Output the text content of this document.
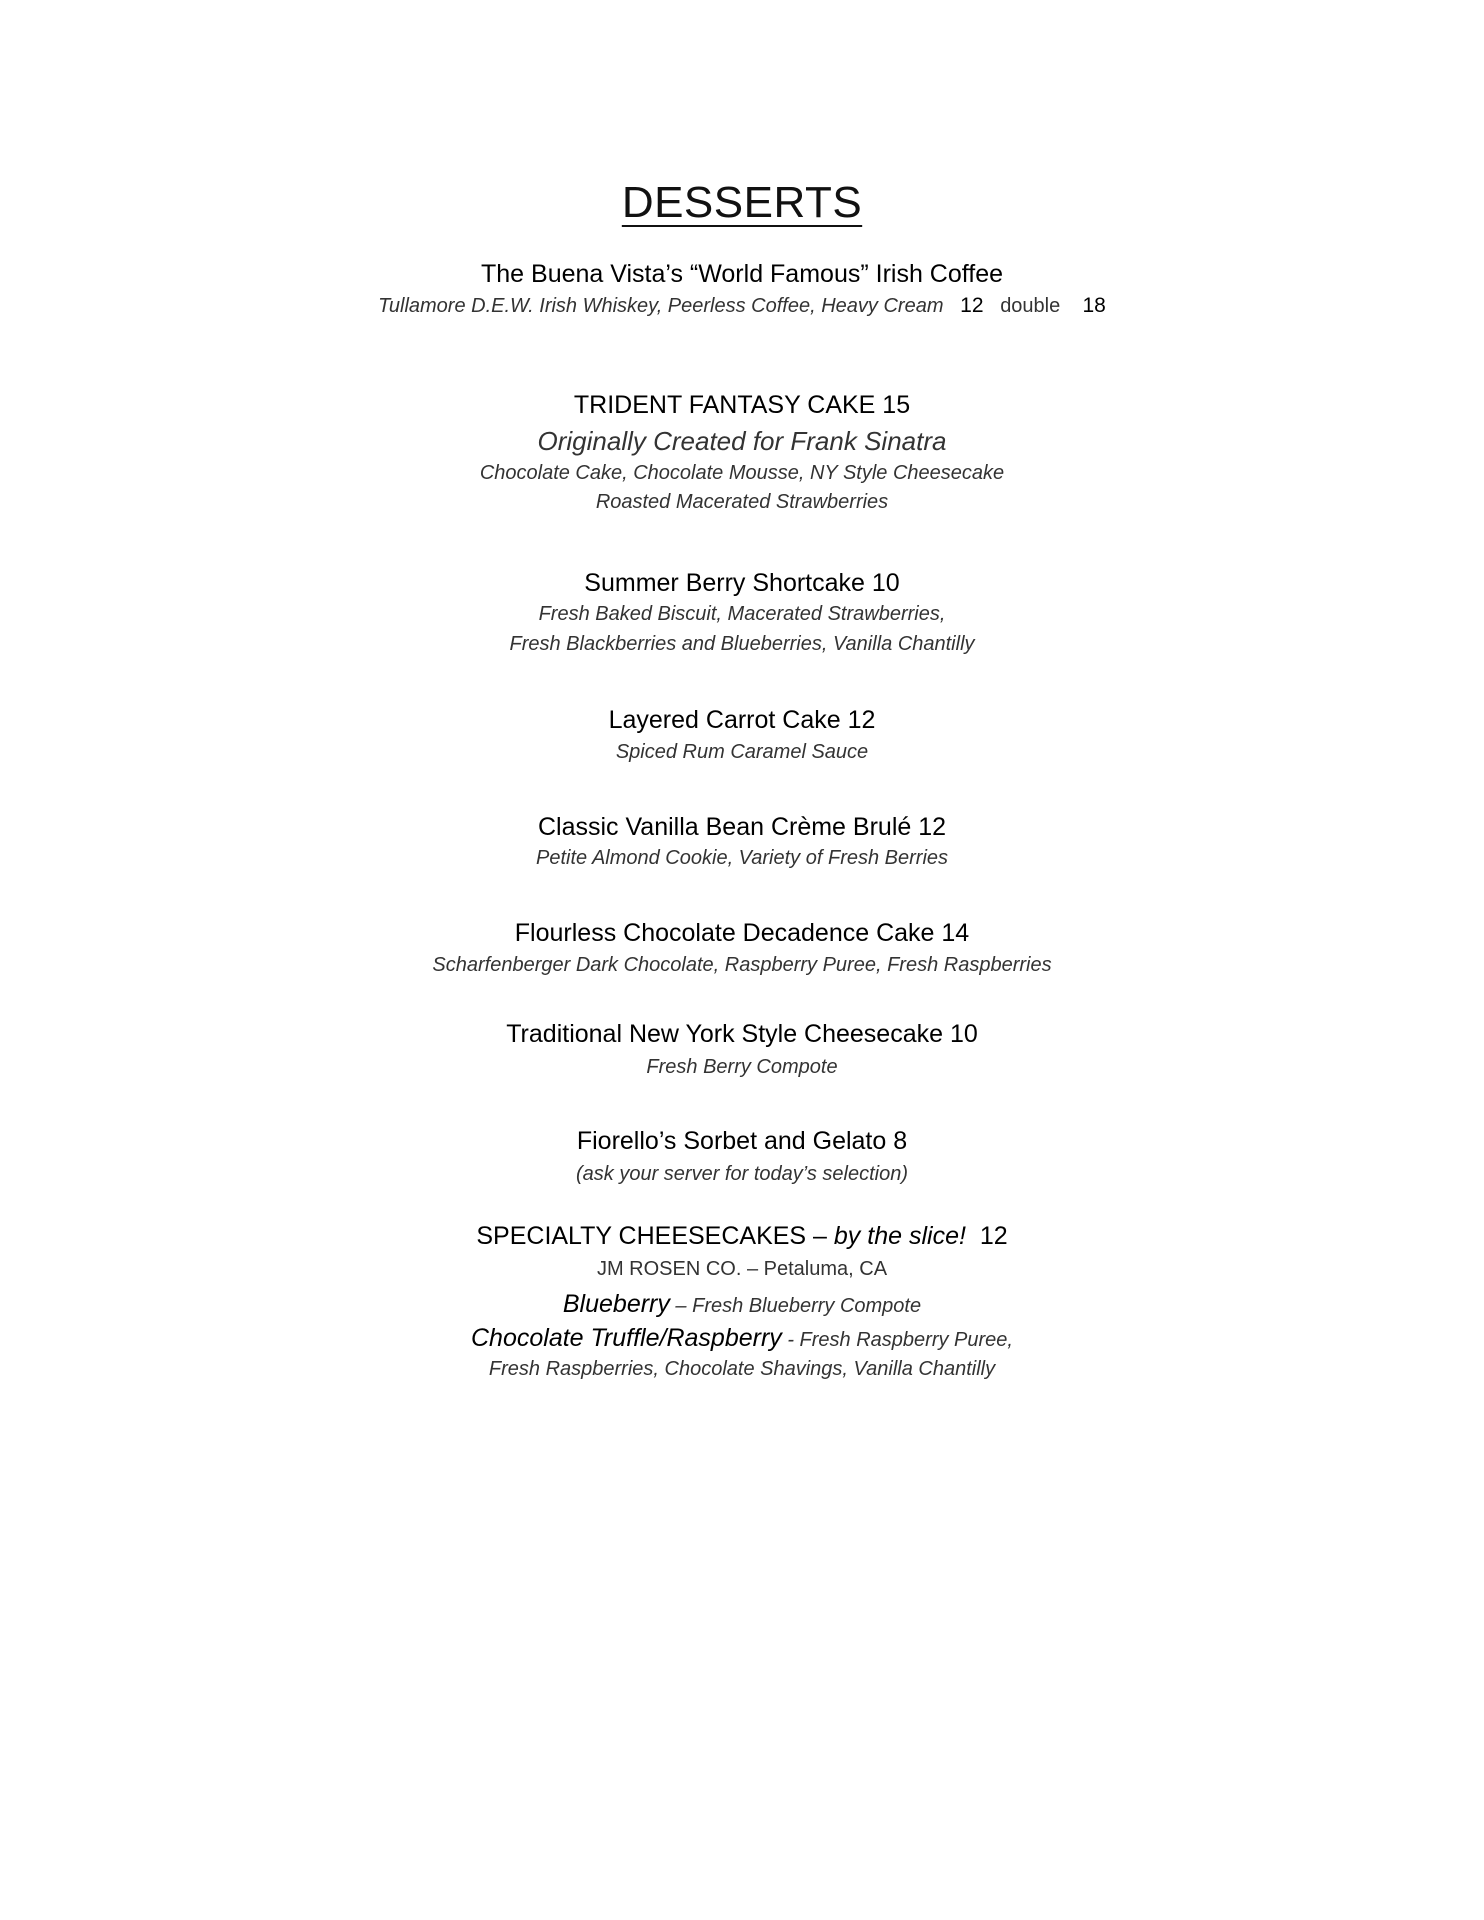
DESSERTS
The Buena Vista’s “World Famous” Irish Coffee
Tullamore D.E.W. Irish Whiskey, Peerless Coffee, Heavy Cream 12 double 18
TRIDENT FANTASY CAKE 15
Originally Created for Frank Sinatra
Chocolate Cake, Chocolate Mousse, NY Style Cheesecake
Roasted Macerated Strawberries
Summer Berry Shortcake 10
Fresh Baked Biscuit, Macerated Strawberries,
Fresh Blackberries and Blueberries, Vanilla Chantilly
Layered Carrot Cake 12
Spiced Rum Caramel Sauce
Classic Vanilla Bean Crème Brulé 12
Petite Almond Cookie, Variety of Fresh Berries
Flourless Chocolate Decadence Cake 14
Scharfenberger Dark Chocolate, Raspberry Puree, Fresh Raspberries
Traditional New York Style Cheesecake 10
Fresh Berry Compote
Fiorello’s Sorbet and Gelato 8
(ask your server for today’s selection)
SPECIALTY CHEESECAKES – by the slice! 12
JM ROSEN CO. – Petaluma, CA
Blueberry – Fresh Blueberry Compote
Chocolate Truffle/Raspberry - Fresh Raspberry Puree,
Fresh Raspberries, Chocolate Shavings, Vanilla Chantilly
